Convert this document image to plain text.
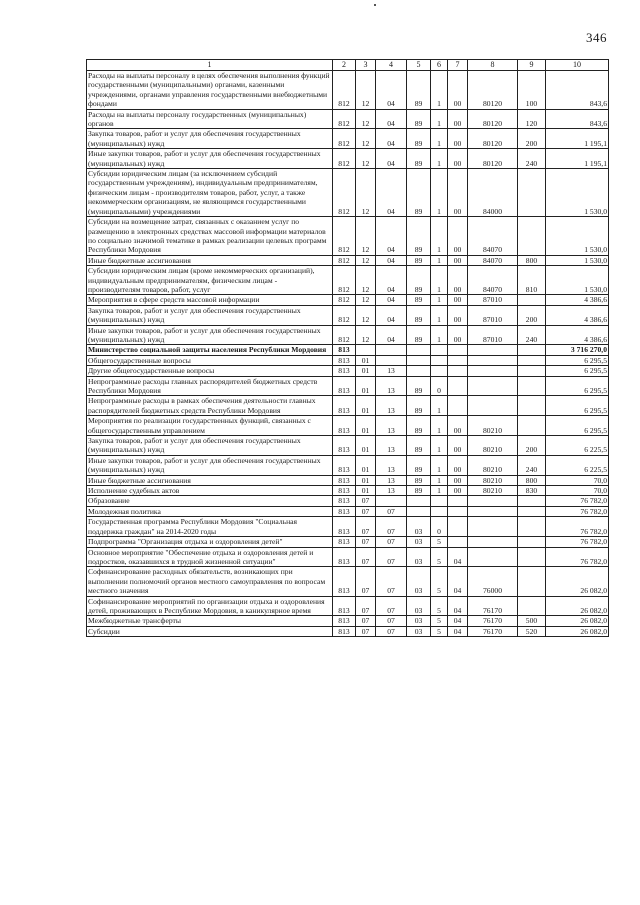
346
1	2	3	4	5	6	7	8	9	10
Расходы на выплаты персоналу в целях обеспечения выполнения функций государственными (муниципальными) органами, казенными учреждениями, органами управления государственными внебюджетными фондами	812	12	04	89	1	00	80120	100	843,6
Расходы на выплаты персоналу государственных (муниципальных) органов	812	12	04	89	1	00	80120	120	843,6
Закупка товаров, работ и услуг для обеспечения государственных (муниципальных) нужд	812	12	04	89	1	00	80120	200	1 195,1
Иные закупки товаров, работ и услуг для обеспечения государственных (муниципальных) нужд	812	12	04	89	1	00	80120	240	1 195,1
Субсидии юридическим лицам (за исключением субсидий государственным учреждениям), индивидуальным предпринимателям, физическим лицам - производителям товаров, работ, услуг, а также некоммерческим организациям, не являющимся государственными (муниципальными) учреждениями	812	12	04	89	1	00	84000		1 530,0
Субсидии на возмещение затрат, связанных с оказанием услуг по размещению в электронных средствах массовой информации материалов по социально значимой тематике в рамках реализации целевых программ Республики Мордовия	812	12	04	89	1	00	84070		1 530,0
Иные бюджетные ассигнования	812	12	04	89	1	00	84070	800	1 530,0
Субсидии юридическим лицам (кроме некоммерческих организаций), индивидуальным предпринимателям, физическим лицам - производителям товаров, работ, услуг	812	12	04	89	1	00	84070	810	1 530,0
Мероприятия в сфере средств массовой информации	812	12	04	89	1	00	87010		4 386,6
Закупка товаров, работ и услуг для обеспечения государственных (муниципальных) нужд	812	12	04	89	1	00	87010	200	4 386,6
Иные закупки товаров, работ и услуг для обеспечения государственных (муниципальных) нужд	812	12	04	89	1	00	87010	240	4 386,6
Министерство социальной защиты населения Республики Мордовия	813								3 716 270,0
Общегосударственные вопросы	813	01							6 295,5
Другие общегосударственные вопросы	813	01	13						6 295,5
Непрограммные расходы главных распорядителей бюджетных средств Республики Мордовия	813	01	13	89	0				6 295,5
Непрограммные расходы в рамках обеспечения деятельности главных распорядителей бюджетных средств Республики Мордовия	813	01	13	89	1				6 295,5
Мероприятия по реализации государственных функций, связанных с общегосударственным управлением	813	01	13	89	1	00	80210		6 295,5
Закупка товаров, работ и услуг для обеспечения государственных (муниципальных) нужд	813	01	13	89	1	00	80210	200	6 225,5
Иные закупки товаров, работ и услуг для обеспечения государственных (муниципальных) нужд	813	01	13	89	1	00	80210	240	6 225,5
Иные бюджетные ассигнования	813	01	13	89	1	00	80210	800	70,0
Исполнение судебных актов	813	01	13	89	1	00	80210	830	70,0
Образование	813	07							76 782,0
Молодежная политика	813	07	07						76 782,0
Государственная программа Республики Мордовия "Социальная поддержка граждан" на 2014-2020 годы	813	07	07	03	0				76 782,0
Подпрограмма "Организация отдыха и оздоровления детей"	813	07	07	03	5				76 782,0
Основное мероприятие "Обеспечение отдыха и оздоровления детей и подростков, оказавшихся в трудной жизненной ситуации"	813	07	07	03	5	04			76 782,0
Софинансирование расходных обязательств, возникающих при выполнении полномочий органов местного самоуправления по вопросам местного значения	813	07	07	03	5	04	76000		26 082,0
Софинансирование мероприятий по организации отдыха и оздоровления детей, проживающих в Республике Мордовия, в каникулярное время	813	07	07	03	5	04	76170		26 082,0
Межбюджетные трансферты	813	07	07	03	5	04	76170	500	26 082,0
Субсидии	813	07	07	03	5	04	76170	520	26 082,0
